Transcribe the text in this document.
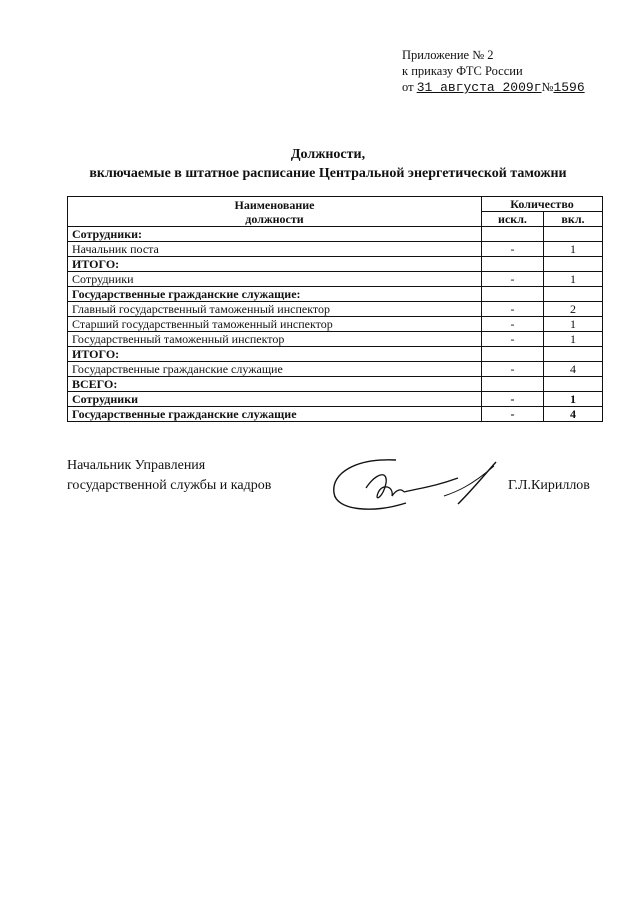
Приложение № 2
к приказу ФТС России
от 31 августа 2009г№1596
Должности,
включаемые в штатное расписание Центральной энергетической таможни
Наименование
должности	Количество	
	искл.	вкл.
Сотрудники:		
Начальник поста	-	1
ИТОГО:		
Сотрудники	-	1
Государственные гражданские служащие:		
Главный государственный таможенный инспектор	-	2
Старший государственный таможенный инспектор	-	1
Государственный таможенный инспектор	-	1
ИТОГО:		
Государственные гражданские служащие	-	4
ВСЕГО:		
Сотрудники	-	1
Государственные гражданские служащие	-	4
Начальник Управления
государственной службы и кадров	Г.Л.Кириллов
